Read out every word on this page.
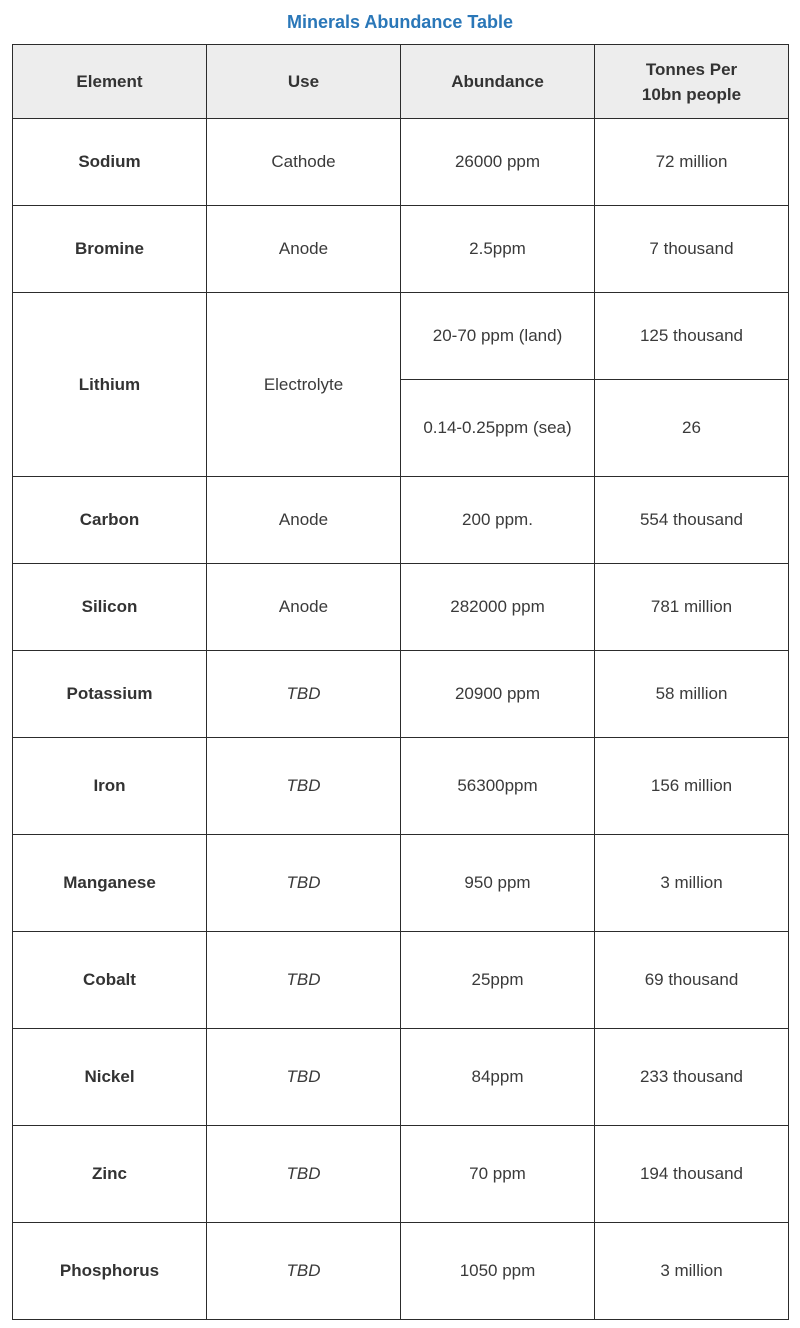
Minerals Abundance Table
Element	Use	Abundance	Tonnes Per
10bn people
Sodium	Cathode	26000 ppm	72 million
Bromine	Anode	2.5ppm	7 thousand
Lithium	Electrolyte	20-70 ppm (land)	125 thousand
		0.14-0.25ppm (sea)	26
Carbon	Anode	200 ppm.	554 thousand
Silicon	Anode	282000 ppm	781 million
Potassium	TBD	20900 ppm	58 million
Iron	TBD	56300ppm	156 million
Manganese	TBD	950 ppm	3 million
Cobalt	TBD	25ppm	69 thousand
Nickel	TBD	84ppm	233 thousand
Zinc	TBD	70 ppm	194 thousand
Phosphorus	TBD	1050 ppm	3 million
